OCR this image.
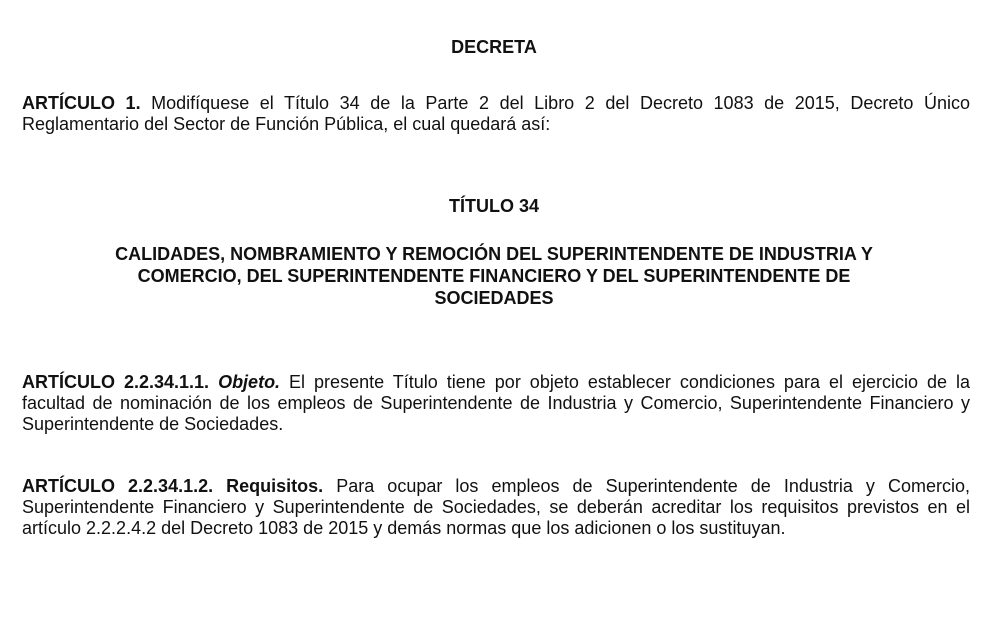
DECRETA

ARTÍCULO 1. Modifíquese el Título 34 de la Parte 2 del Libro 2 del Decreto 1083 de 2015, Decreto Único Reglamentario del Sector de Función Pública, el cual quedará así:

TÍTULO 34

CALIDADES, NOMBRAMIENTO Y REMOCIÓN DEL SUPERINTENDENTE DE INDUSTRIA Y
COMERCIO, DEL SUPERINTENDENTE FINANCIERO Y DEL SUPERINTENDENTE DE
SOCIEDADES

ARTÍCULO 2.2.34.1.1. Objeto. El presente Título tiene por objeto establecer condiciones para el ejercicio de la facultad de nominación de los empleos de Superintendente de Industria y Comercio, Superintendente Financiero y Superintendente de Sociedades.

ARTÍCULO 2.2.34.1.2. Requisitos. Para ocupar los empleos de Superintendente de Industria y Comercio, Superintendente Financiero y Superintendente de Sociedades, se deberán acreditar los requisitos previstos en el artículo 2.2.2.4.2 del Decreto 1083 de 2015 y demás normas que los adicionen o los sustituyan.
